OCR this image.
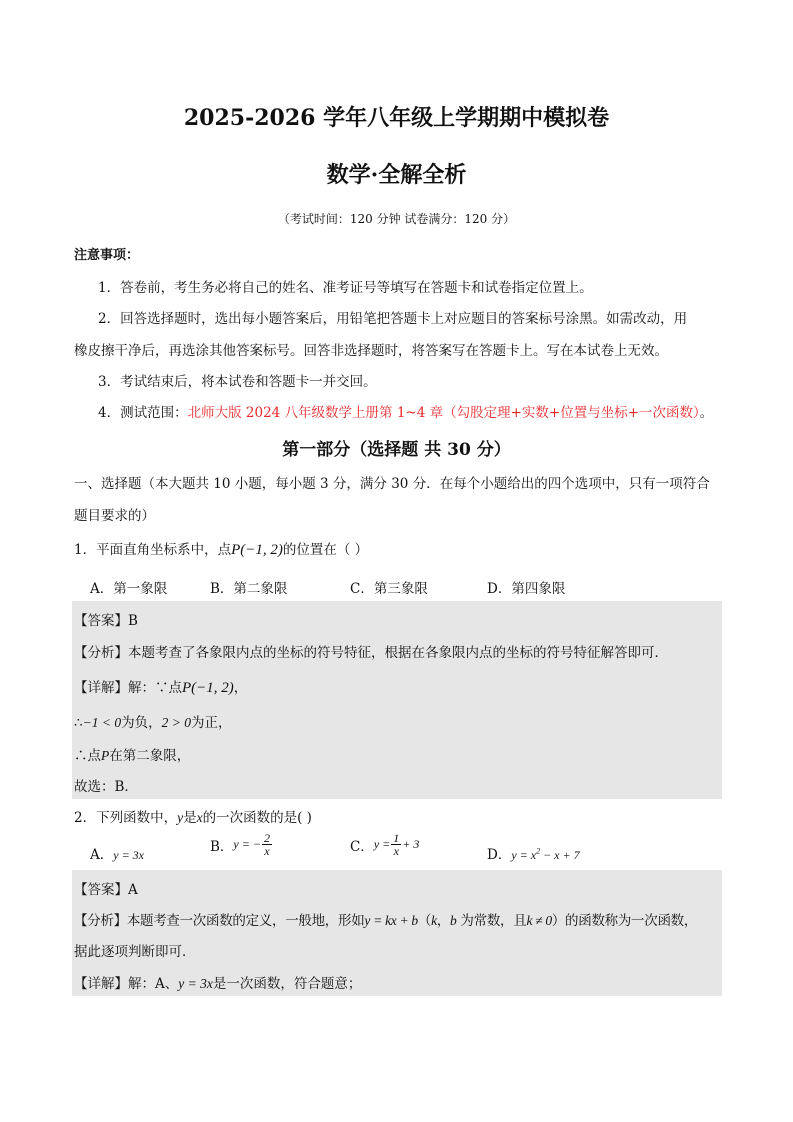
2025-2026 学年八年级上学期期中模拟卷
数学·全解全析
（考试时间：120 分钟 试卷满分：120 分）
注意事项：
1．答卷前，考生务必将自己的姓名、准考证号等填写在答题卡和试卷指定位置上。
2．回答选择题时，选出每小题答案后，用铅笔把答题卡上对应题目的答案标号涂黑。如需改动，用
橡皮擦干净后，再选涂其他答案标号。回答非选择题时，将答案写在答题卡上。写在本试卷上无效。
3．考试结束后，将本试卷和答题卡一并交回。
4．测试范围：北师大版 2024 八年级数学上册第 1~4 章（勾股定理+实数+位置与坐标+一次函数）。
第一部分（选择题 共 30 分）
一、选择题（本大题共 10 小题，每小题 3 分，满分 30 分．在每个小题给出的四个选项中，只有一项符合
题目要求的）
1．平面直角坐标系中，点P(−1, 2)的位置在（ ）
A．第一象限	B．第二象限	C．第三象限	D．第四象限
【答案】B
【分析】本题考查了各象限内点的坐标的符号特征，根据在各象限内点的坐标的符号特征解答即可．
【详解】解：∵点P(−1, 2)，
∴−1 < 0为负，2 > 0为正，
∴点P在第二象限，
故选：B．
2．下列函数中，y是x的一次函数的是( )
A．y = 3x
B．y = − $\frac{2}{x}$	C．$y = \frac{1}{x} + 3$
D．$y = x^2 - x + 7$
【答案】A
【分析】本题考查一次函数的定义，一般地，形如y = kx + b（k，b 为常数，且k ≠ 0）的函数称为一次函数，
据此逐项判断即可．
【详解】解：A、y = 3x是一次函数，符合题意；
